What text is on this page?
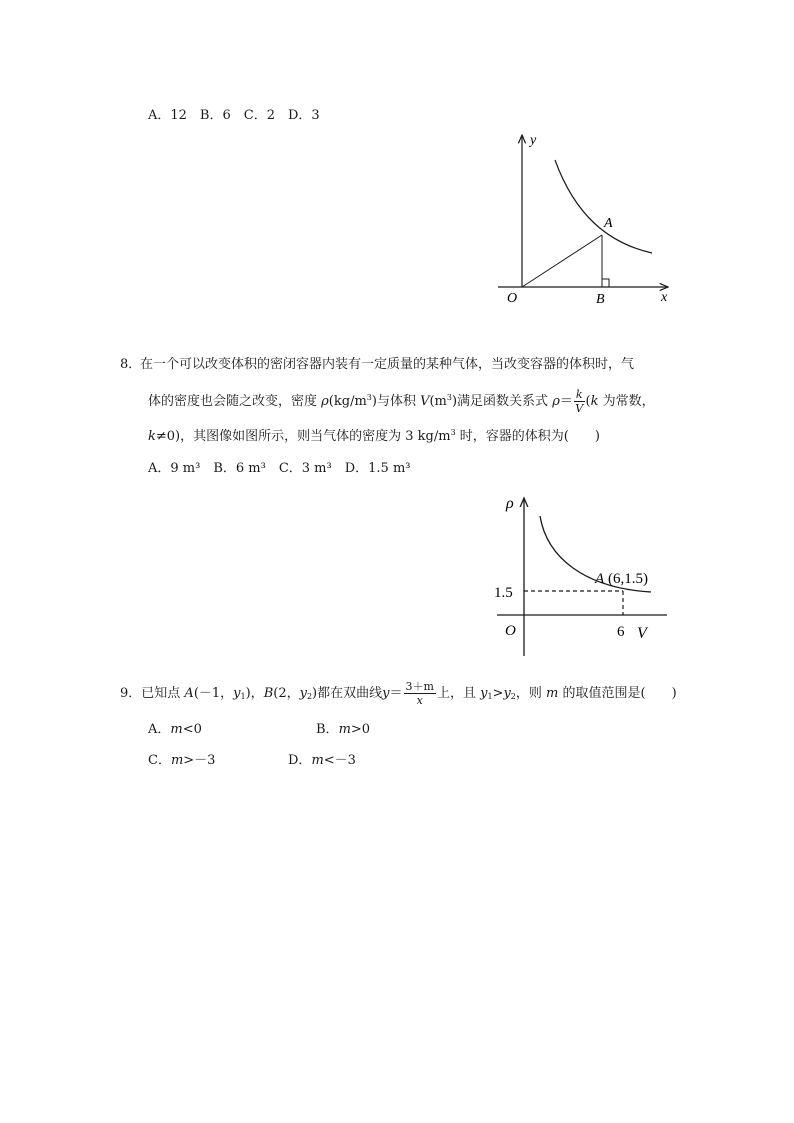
A．12　B．6　C．2　D．3
y
x
O
A
B
8．
在一个可以改变体积的密闭容器内装有一定质量的某种气体，当改变容器的体积时，气
体的密度也会随之改变，密度 $\rho(kg/m^3)$与体积 $V(m^3)$满足函数关系式 $\rho= \frac{k}{V} (k$ 为常数，
k≠0)，其图像如图所示，则当气体的密度为 3 $kg/m^3$ 时，容器的体积为(　　)
A．9 m³　B．6 m³　C．3 m³　D．1.5 m³
ρ
V
O
1.5
6
A (6,1.5)
9．已知点 A(－1，$y_1$)，B(2，$y_2$)都在双曲线$y= \frac{3+m}{x}$ 上，且 $y_1>y_2$，则 m 的取值范围是(　　)
A．m<0	B．m>0
C．m>－3	D．m<－3
